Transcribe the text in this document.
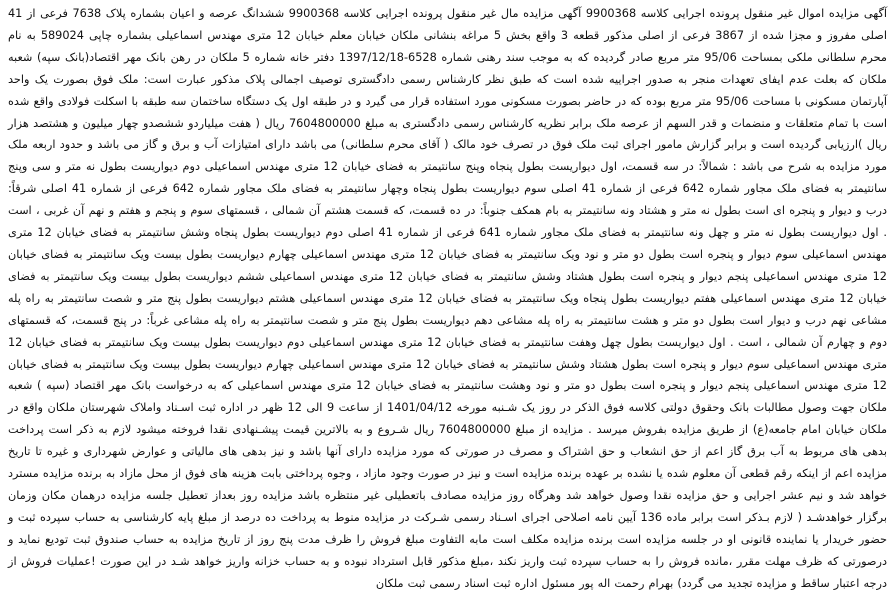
آگهی مزایده اموال غیر منقول پرونده اجرایی کلاسه 9900368 آگهی مزایده مال غیر منقول پرونده اجرایی کلاسه 9900368 ششدانگ عرصه و اعیان بشماره پلاک 7638 فرعی از 41 اصلی مفروز و مجزا شده از 3867 فرعی از اصلی مذکور قطعه 3 واقع بخش 5 مراغه بنشانی ملکان خیابان معلم خیابان 12 متری مهندس اسماعیلی بشماره چاپی 589024 به نام محرم سلطانی ملکی بمساحت 95/06 متر مربع صادر گردیده که به موجب سند رهنی شماره 6528-1397/12/18 دفتر خانه شماره 5 ملکان در رهن بانک مهر اقتصاد(بانک سپه) شعبه ملکان که بعلت عدم ایفای تعهدات منجر به صدور اجراییه شده است که طبق نظر کارشناس رسمی دادگستری توصیف اجمالی پلاک مذکور عبارت است: ملک فوق بصورت یک واحد آپارتمان مسکونی با مساحت 95/06 متر مربع بوده که در حاضر بصورت مسکونی مورد استفاده قرار می گیرد و در طبقه اول یک دستگاه ساختمان سه طبقه با اسکلت فولادی واقع شده است با تمام متعلقات و منضمات و قدر السهم از عرصه ملک برابر نظریه کارشناس رسمی دادگستری به مبلغ 7604800000 ریال ( هفت میلیاردو ششصدو چهار میلیون و هشتصد هزار ریال )ارزیابی گردیده است و برابر گزارش مامور اجرای ثبت ملک فوق در تصرف خود مالک ( آقای محرم سلطانی) می باشد دارای امتیازات آب و برق و گاز می باشد و حدود اربعه ملک مورد مزایده به شرح می باشد : شمالاً: در سه قسمت، اول دیواریست بطول پنجاه وپنج سانتیمتر به فضای خیابان 12 متری مهندس اسماعیلی دوم دیواریست بطول نه متر و سی وپنج سانتیمتر به فضای ملک مجاور شماره 642 فرعی از شماره 41 اصلی سوم دیواریست بطول پنجاه وچهار سانتیمتر به فضای ملک مجاور شماره 642 فرعی از شماره 41 اصلی شرقاً: درب و دیوار و پنجره ای است بطول نه متر و هشتاد ونه سانتیمتر به بام همکف جنوباً: در ده قسمت، که قسمت هشتم آن شمالی ، قسمتهای سوم و پنجم و هفتم و نهم آن غربی ، است . اول دیواریست بطول نه متر و چهل ونه سانتیمتر به فضای ملک مجاور شماره 641 فرعی از شماره 41 اصلی دوم دیواریست بطول پنجاه وشش سانتیمتر به فضای خیابان 12 متری مهندس اسماعیلی سوم دیوار و پنجره است بطول دو متر و نود ویک سانتیمتر به فضای خیابان 12 متری مهندس اسماعیلی چهارم دیواریست بطول بیست ویک سانتیمتر به فضای خیابان 12 متری مهندس اسماعیلی پنجم دیوار و پنجره است بطول هشتاد وشش سانتیمتر به فضای خیابان 12 متری مهندس اسماعیلی ششم دیواریست بطول بیست ویک سانتیمتر به فضای خیابان 12 متری مهندس اسماعیلی هفتم دیواریست بطول پنجاه ویک سانتیمتر به فضای خیابان 12 متری مهندس اسماعیلی هشتم دیواریست بطول پنج متر و شصت سانتیمتر به راه پله مشاعی نهم درب و دیوار است بطول دو متر و هشت سانتیمتر به راه پله مشاعی دهم دیواریست بطول پنج متر و شصت سانتیمتر به راه پله مشاعی غرباً: در پنج قسمت، که قسمتهای دوم و چهارم آن شمالی ، است . اول دیواریست بطول چهل وهفت سانتیمتر به فضای خیابان 12 متری مهندس اسماعیلی دوم دیواریست بطول بیست ویک سانتیمتر به فضای خیابان 12 متری مهندس اسماعیلی سوم دیوار و پنجره است بطول هشتاد وشش سانتیمتر به فضای خیابان 12 متری مهندس اسماعیلی چهارم دیواریست بطول بیست ویک سانتیمتر به فضای خیابان 12 متری مهندس اسماعیلی پنجم دیوار و پنجره است بطول دو متر و نود وهشت سانتیمتر به فضای خیابان 12 متری مهندس اسماعیلی که به درخواست بانک مهر اقتصاد (سپه ) شعبه ملکان جهت وصول مطالبات بانک وحقوق دولتی کلاسه فوق الذکر در روز یک شـنبه مورخه 1401/04/12 از ساعت 9 الی 12 ظهر در اداره ثبت اسـناد واملاک شهرستان ملکان واقع در ملکان خیابان امام جامعه(ع) از طریق مزایده بفروش میرسد . مزایده از مبلغ 7604800000 ریال شـروع و به بالاترین قیمت پیشـنهادی نقدا فروخته میشود لازم به ذکر است پرداخت بدهی های مربوط به آب برق گاز اعم از حق انشعاب و حق اشتراک و مصرف در صورتی که مورد مزایده دارای آنها باشد و نیز بدهی های مالیاتی و عوارض شهرداری و غیره تا تاریخ مزایده اعم از اینکه رقم قطعی آن معلوم شده یا نشده بر عهده برنده مزایده است و نیز در صورت وجود مازاد ، وجوه پرداختی بابت هزینه های فوق از محل مازاد به برنده مزایده مسترد خواهد شد و نیم عشر اجرایی و حق مزایده نقدا وصول خواهد شد وهرگاه روز مزایده مصادف باتعطیلی غیر منتظره باشد مزایده روز بعداز تعطیل جلسه مزایده درهمان مکان وزمان برگزار خواهدشـد ( لازم بـذکر است برابر ماده 136 آیین نامه اصلاحی اجرای اسـناد رسمی شـرکت در مزایده منوط به پرداخت ده درصد از مبلغ پایه کارشناسی به حساب سپرده ثبت و حضور خریدار یا نماینده قانونی او در جلسه مزایده است برنده مزایده مکلف است مابه التفاوت مبلغ فروش را ظرف مدت پنج روز از تاریخ مزایده به حساب صندوق ثبت تودیع نماید و درصورتی که ظرف مهلت مقرر ،مانده فروش را به حساب سپرده ثبت واریز نکند ،مبلغ مذکور قابل استرداد نبوده و به حساب خزانه واریز خواهد شـد در این صورت !عملیات فروش از درجه اعتبار ساقط و مزایده تجدید می گردد) بهرام رحمت اله پور مسئول اداره ثبت اسناد رسمی ثبت ملکان
